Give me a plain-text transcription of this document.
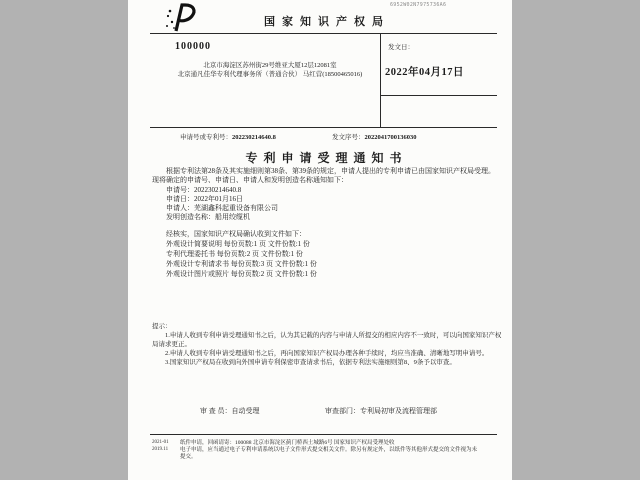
国家知识产权局
6952W02N7975736A6
100000
北京市海淀区苏州街29号维亚大厦12层12081室
北京通凡佳华专利代理事务所（普通合伙） 马红营(18500465016)
发文日：
2022年04月17日
申请号或专利号：202230214640.8	发文序号：2022041700136030
专利申请受理通知书

根据专利法第28条及其实施细则第38条、第39条的规定，申请人提出的专利申请已由国家知识产权局受理。现将确定的申请号、申请日、申请人和发明创造名称通知如下：

申请号：202230214640.8
申请日：2022年01月16日
申请人：芜湖鑫科起重设备有限公司
发明创造名称：船用绞缆机
经核实，国家知识产权局确认收到文件如下：
外观设计简要说明 每份页数:1 页 文件份数:1 份
专利代理委托书 每份页数:2 页 文件份数:1 份
外观设计专利请求书 每份页数:3 页 文件份数:1 份
外观设计图片或照片 每份页数:2 页 文件份数:1 份

提示：

1.申请人收到专利申请受理通知书之后，认为其记载的内容与申请人所提交的相应内容不一致时，可以向国家知识产权局请求更正。

2.申请人收到专利申请受理通知书之后，再向国家知识产权局办理各种手续时，均应当准确、清晰地写明申请号。

3.国家知识产权局在收到向外国申请专利保密审查请求书后，依据专利法实施细则第8、9条予以审查。

审 查 员：自动受理	审查部门：专利局初审及流程管理部
2021-01
2019.11

纸件申请，回函请寄：100088 北京市海淀区蓟门桥西土城路6号 国家知识产权局受理处收

电子申请，应当通过电子专利申请系统以电子文件形式提交相关文件。除另有规定外，以纸件等其他形式提交的文件视为未提交。
